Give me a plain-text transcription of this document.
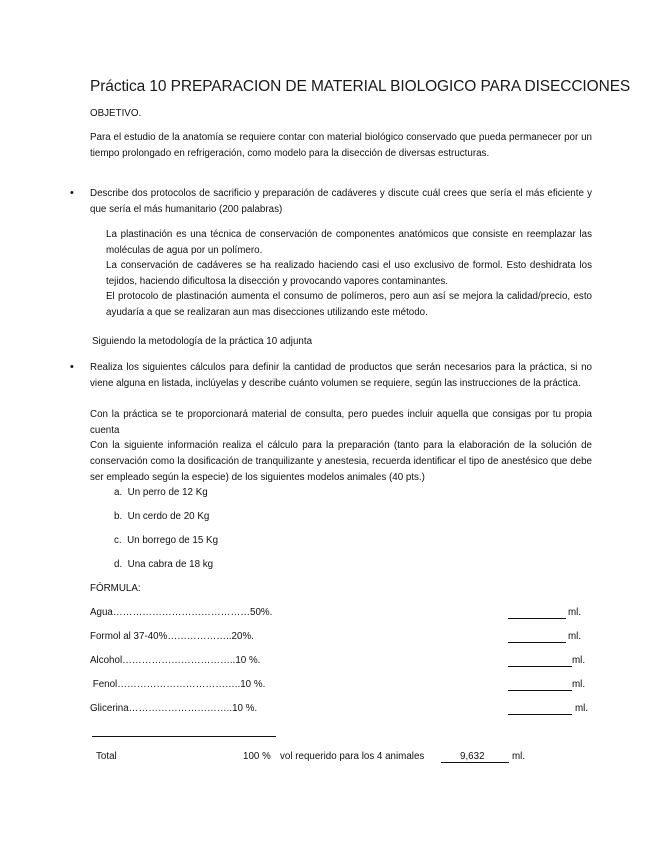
Práctica 10 PREPARACION DE MATERIAL BIOLOGICO PARA DISECCIONES
OBJETIVO.
Para el estudio de la anatomía se requiere contar con material biológico conservado que pueda permanecer por un tiempo prolongado en refrigeración, como modelo para la disección de diversas estructuras.
• Describe dos protocolos de sacrificio y preparación de cadáveres y discute cuál crees que sería el más eficiente y que sería el más humanitario (200 palabras)
La plastinación es una técnica de conservación de componentes anatómicos que consiste en reemplazar las moléculas de agua por un polímero.
La conservación de cadáveres se ha realizado haciendo casi el uso exclusivo de formol. Esto deshidrata los tejidos, haciendo dificultosa la disección y provocando vapores contaminantes.
El protocolo de plastinación aumenta el consumo de polímeros, pero aun así se mejora la calidad/precio, esto ayudaría a que se realizaran aun mas disecciones utilizando este método.
Siguiendo la metodología de la práctica 10 adjunta
• Realiza los siguientes cálculos para definir la cantidad de productos que serán necesarios para la práctica, si no viene alguna en listada, inclúyelas y describe cuánto volumen se requiere, según las instrucciones de la práctica.
Con la práctica se te proporcionará material de consulta, pero puedes incluir aquella que consigas por tu propia cuenta
Con la siguiente información realiza el cálculo para la preparación (tanto para la elaboración de la solución de conservación como la dosificación de tranquilizante y anestesia, recuerda identificar el tipo de anestésico que debe ser empleado según la especie) de los siguientes modelos animales (40 pts.)
a. Un perro de 12 Kg
b. Un cerdo de 20 Kg
c. Un borrego de 15 Kg
d. Una cabra de 18 kg
FÓRMULA:
Agua……………………………………50%.	ml.
Formol al 37-40%………………..20%.	ml.
Alcohol……………………………..10 %.	ml.
Fenol………………………………..10 %.	ml.
Glicerina…………………………..10 %.	ml.
Total	100 % vol requerido para los 4 animales	9,632	ml.
